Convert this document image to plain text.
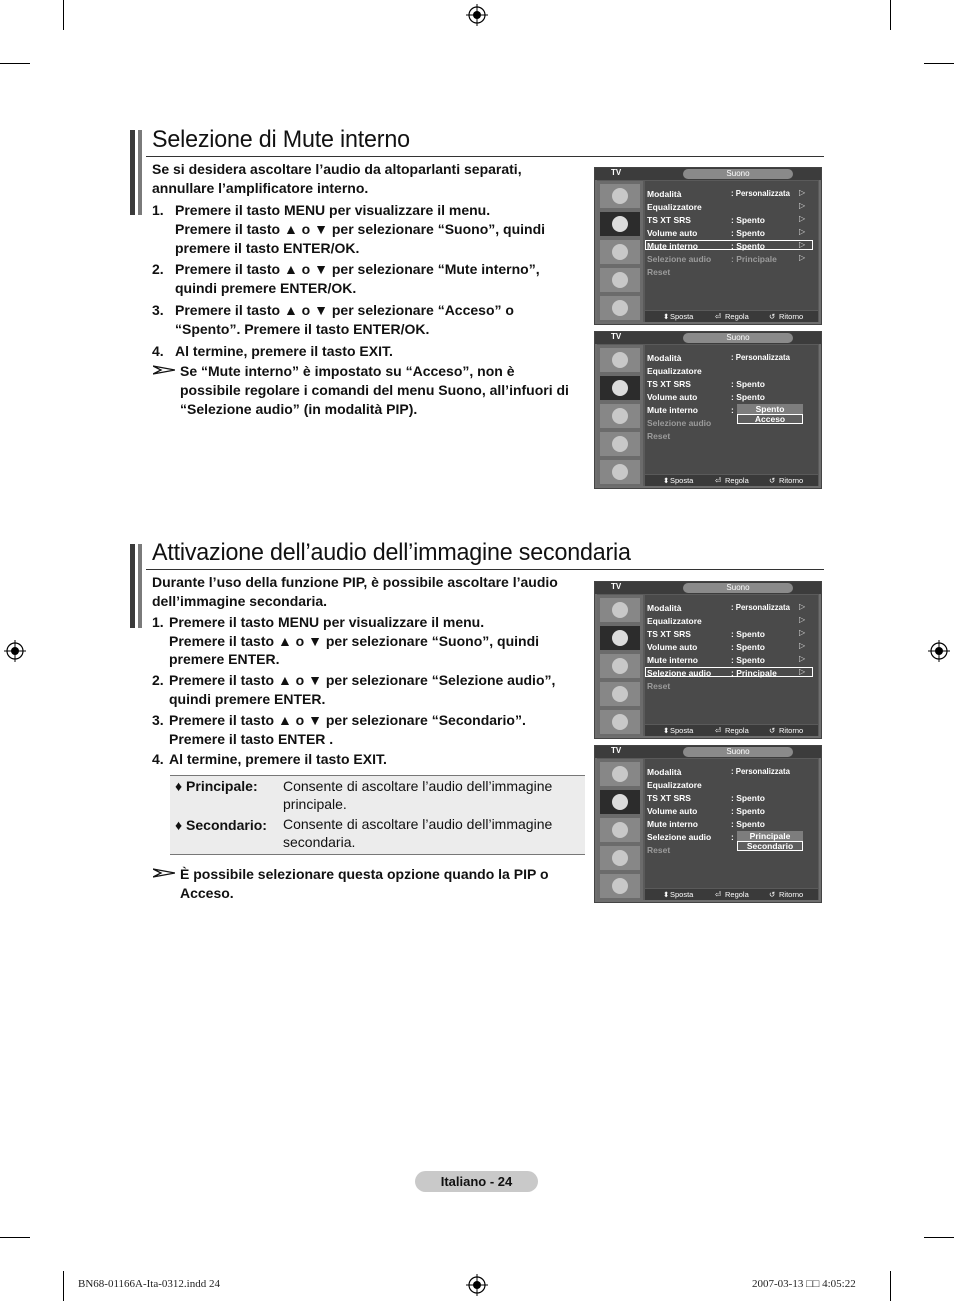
Selezione di Mute interno
Se si desidera ascoltare l’audio da altoparlanti separati,
annullare l’amplificatore interno.
1. Premere il tasto MENU per visualizzare il menu.
Premere il tasto ▲ o ▼ per selezionare “Suono”, quindi
premere il tasto ENTER/OK.
2. Premere il tasto ▲ o ▼ per selezionare “Mute interno”,
quindi premere ENTER/OK.
3. Premere il tasto ▲ o ▼ per selezionare “Acceso” o
“Spento”. Premere il tasto ENTER/OK.
4. Al termine, premere il tasto EXIT.
Se “Mute interno” è impostato su “Acceso”, non è
possibile regolare i comandi del menu Suono, all’infuori di
“Selezione audio” (in modalità PIP).
TV	Suono
Modalità	: Personalizzata ▷
Equalizzatore	▷
TS XT SRS	: Spento	▷
Volume auto	: Spento	▷
Mute interno	: Spento	▷
Selezione audio : Principale	▷
Reset
⬍ Sposta	⏎ Regola	↺ Ritorno
TV	Suono
Modalità	: Personalizzata
Equalizzatore
TS XT SRS	: Spento
Volume auto	: Spento
Mute interno	:
Selezione audio
Reset
Spento
Acceso
⬍ Sposta	⏎ Regola	↺ Ritorno
Attivazione dell’audio dell’immagine secondaria
Durante l’uso della funzione PIP, è possibile ascoltare l’audio
dell’immagine secondaria.
1. Premere il tasto MENU per visualizzare il menu.
Premere il tasto ▲ o ▼ per selezionare “Suono”, quindi
premere ENTER.
2. Premere il tasto ▲ o ▼ per selezionare “Selezione audio”,
quindi premere ENTER.
3. Premere il tasto ▲ o ▼ per selezionare “Secondario”.
Premere il tasto ENTER .
4. Al termine, premere il tasto EXIT.
♦ Principale: Consente di ascoltare l’audio dell’immagine
principale.
♦ Secondario: Consente di ascoltare l’audio dell’immagine
secondaria.
È possibile selezionare questa opzione quando la PIP o
Acceso.
TV	Suono
Modalità	: Personalizzata ▷
Equalizzatore	▷
TS XT SRS	: Spento	▷
Volume auto	: Spento	▷
Mute interno	: Spento	▷
Selezione audio : Principale	▷
Reset
⬍ Sposta	⏎ Regola	↺ Ritorno
TV	Suono
Modalità	: Personalizzata
Equalizzatore
TS XT SRS	: Spento
Volume auto	: Spento
Mute interno	: Spento
Selezione audio :
Reset
Principale
Secondario
⬍ Sposta	⏎ Regola	↺ Ritorno
Italiano - 24
BN68-01166A-Ita-0312.indd 24	2007-03-13 □□ 4:05:22
